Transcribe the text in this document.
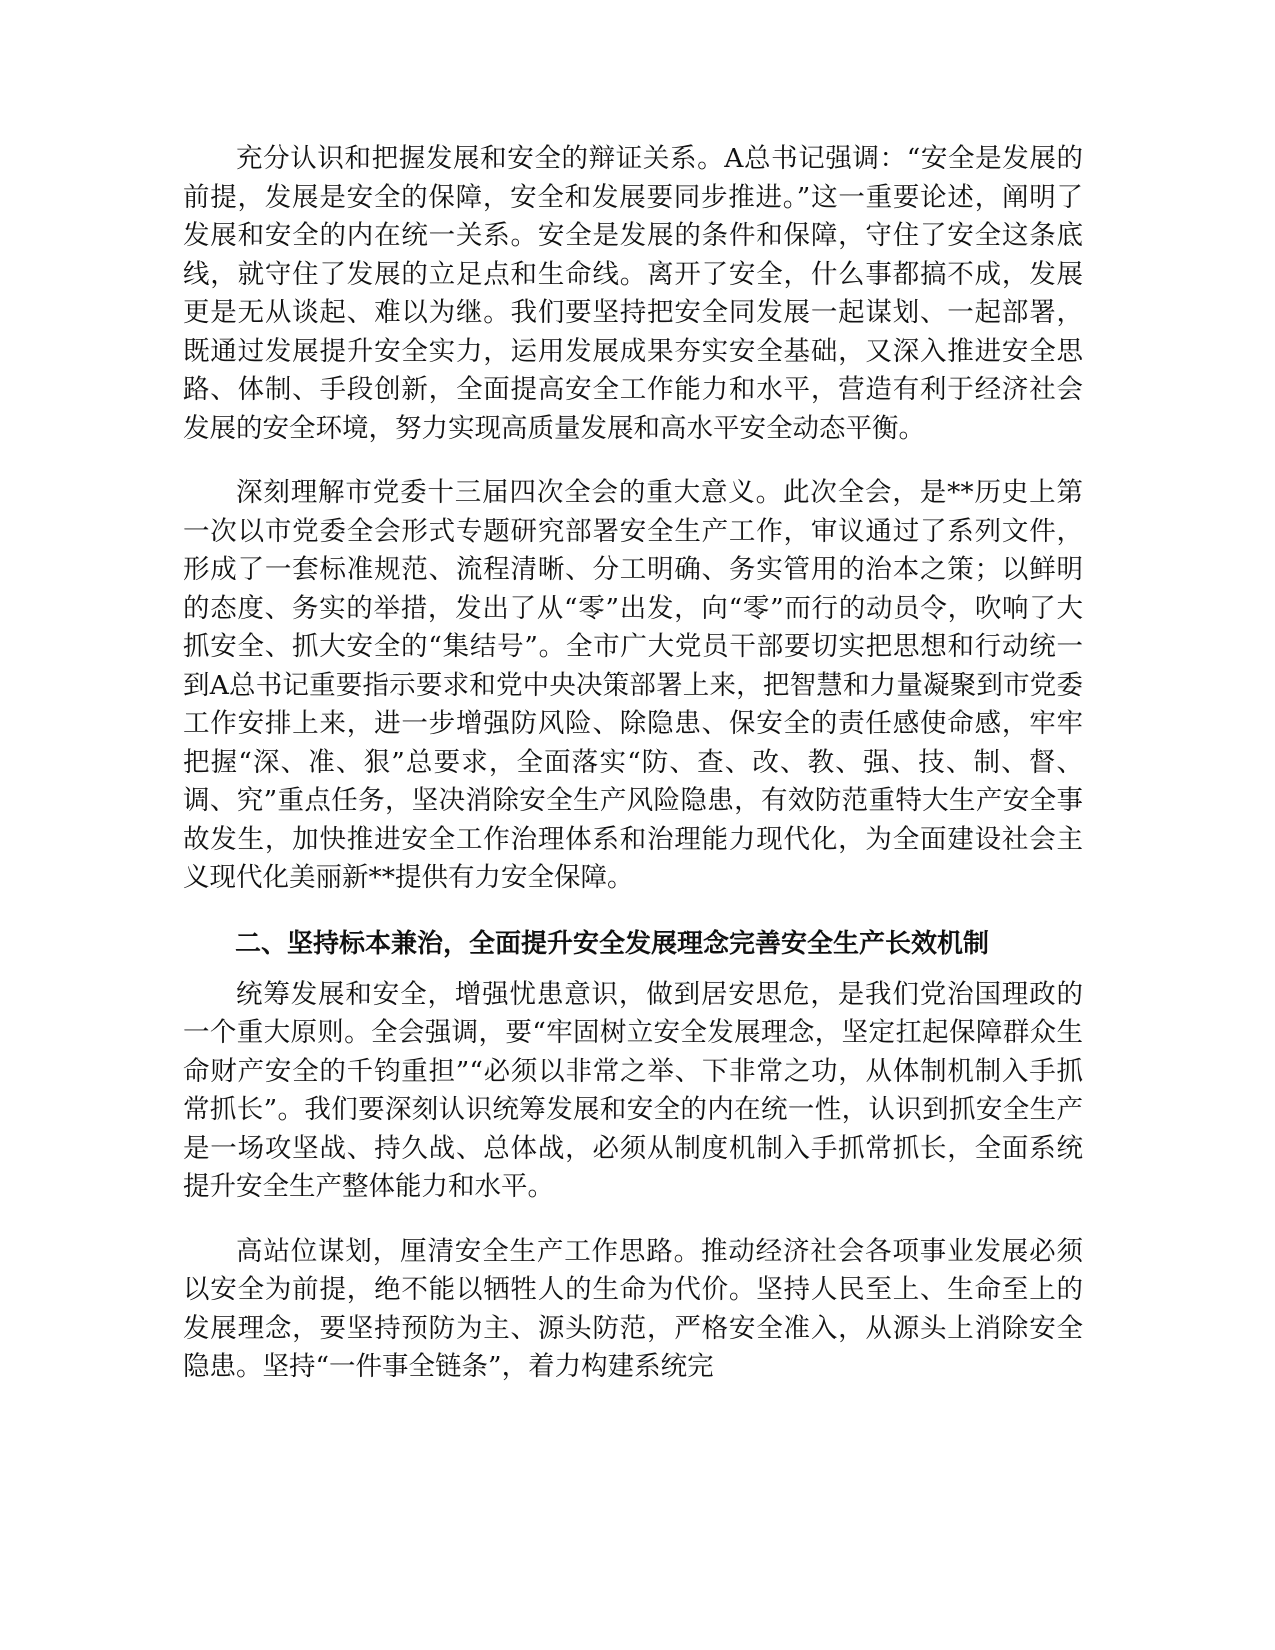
充分认识和把握发展和安全的辩证关系。A总书记强调：“安全是发展的前提，发展是安全的保障，安全和发展要同步推进。”这一重要论述，阐明了发展和安全的内在统一关系。安全是发展的条件和保障，守住了安全这条底线，就守住了发展的立足点和生命线。离开了安全，什么事都搞不成，发展更是无从谈起、难以为继。我们要坚持把安全同发展一起谋划、一起部署，既通过发展提升安全实力，运用发展成果夯实安全基础，又深入推进安全思路、体制、手段创新，全面提高安全工作能力和水平，营造有利于经济社会发展的安全环境，努力实现高质量发展和高水平安全动态平衡。

深刻理解市党委十三届四次全会的重大意义。此次全会，是**历史上第一次以市党委全会形式专题研究部署安全生产工作，审议通过了系列文件，形成了一套标准规范、流程清晰、分工明确、务实管用的治本之策；以鲜明的态度、务实的举措，发出了从“零”出发，向“零”而行的动员令，吹响了大抓安全、抓大安全的“集结号”。全市广大党员干部要切实把思想和行动统一到A总书记重要指示要求和党中央决策部署上来，把智慧和力量凝聚到市党委工作安排上来，进一步增强防风险、除隐患、保安全的责任感使命感，牢牢把握“深、准、狠”总要求，全面落实“防、查、改、教、强、技、制、督、调、究”重点任务，坚决消除安全生产风险隐患，有效防范重特大生产安全事故发生，加快推进安全工作治理体系和治理能力现代化，为全面建设社会主义现代化美丽新**提供有力安全保障。

二、坚持标本兼治，全面提升安全发展理念完善安全生产长效机制

统筹发展和安全，增强忧患意识，做到居安思危，是我们党治国理政的一个重大原则。全会强调，要“牢固树立安全发展理念，坚定扛起保障群众生命财产安全的千钧重担”“必须以非常之举、下非常之功，从体制机制入手抓常抓长”。我们要深刻认识统筹发展和安全的内在统一性，认识到抓安全生产是一场攻坚战、持久战、总体战，必须从制度机制入手抓常抓长，全面系统提升安全生产整体能力和水平。

高站位谋划，厘清安全生产工作思路。推动经济社会各项事业发展必须以安全为前提，绝不能以牺牲人的生命为代价。坚持人民至上、生命至上的发展理念，要坚持预防为主、源头防范，严格安全准入，从源头上消除安全隐患。坚持“一件事全链条”，着力构建系统完
